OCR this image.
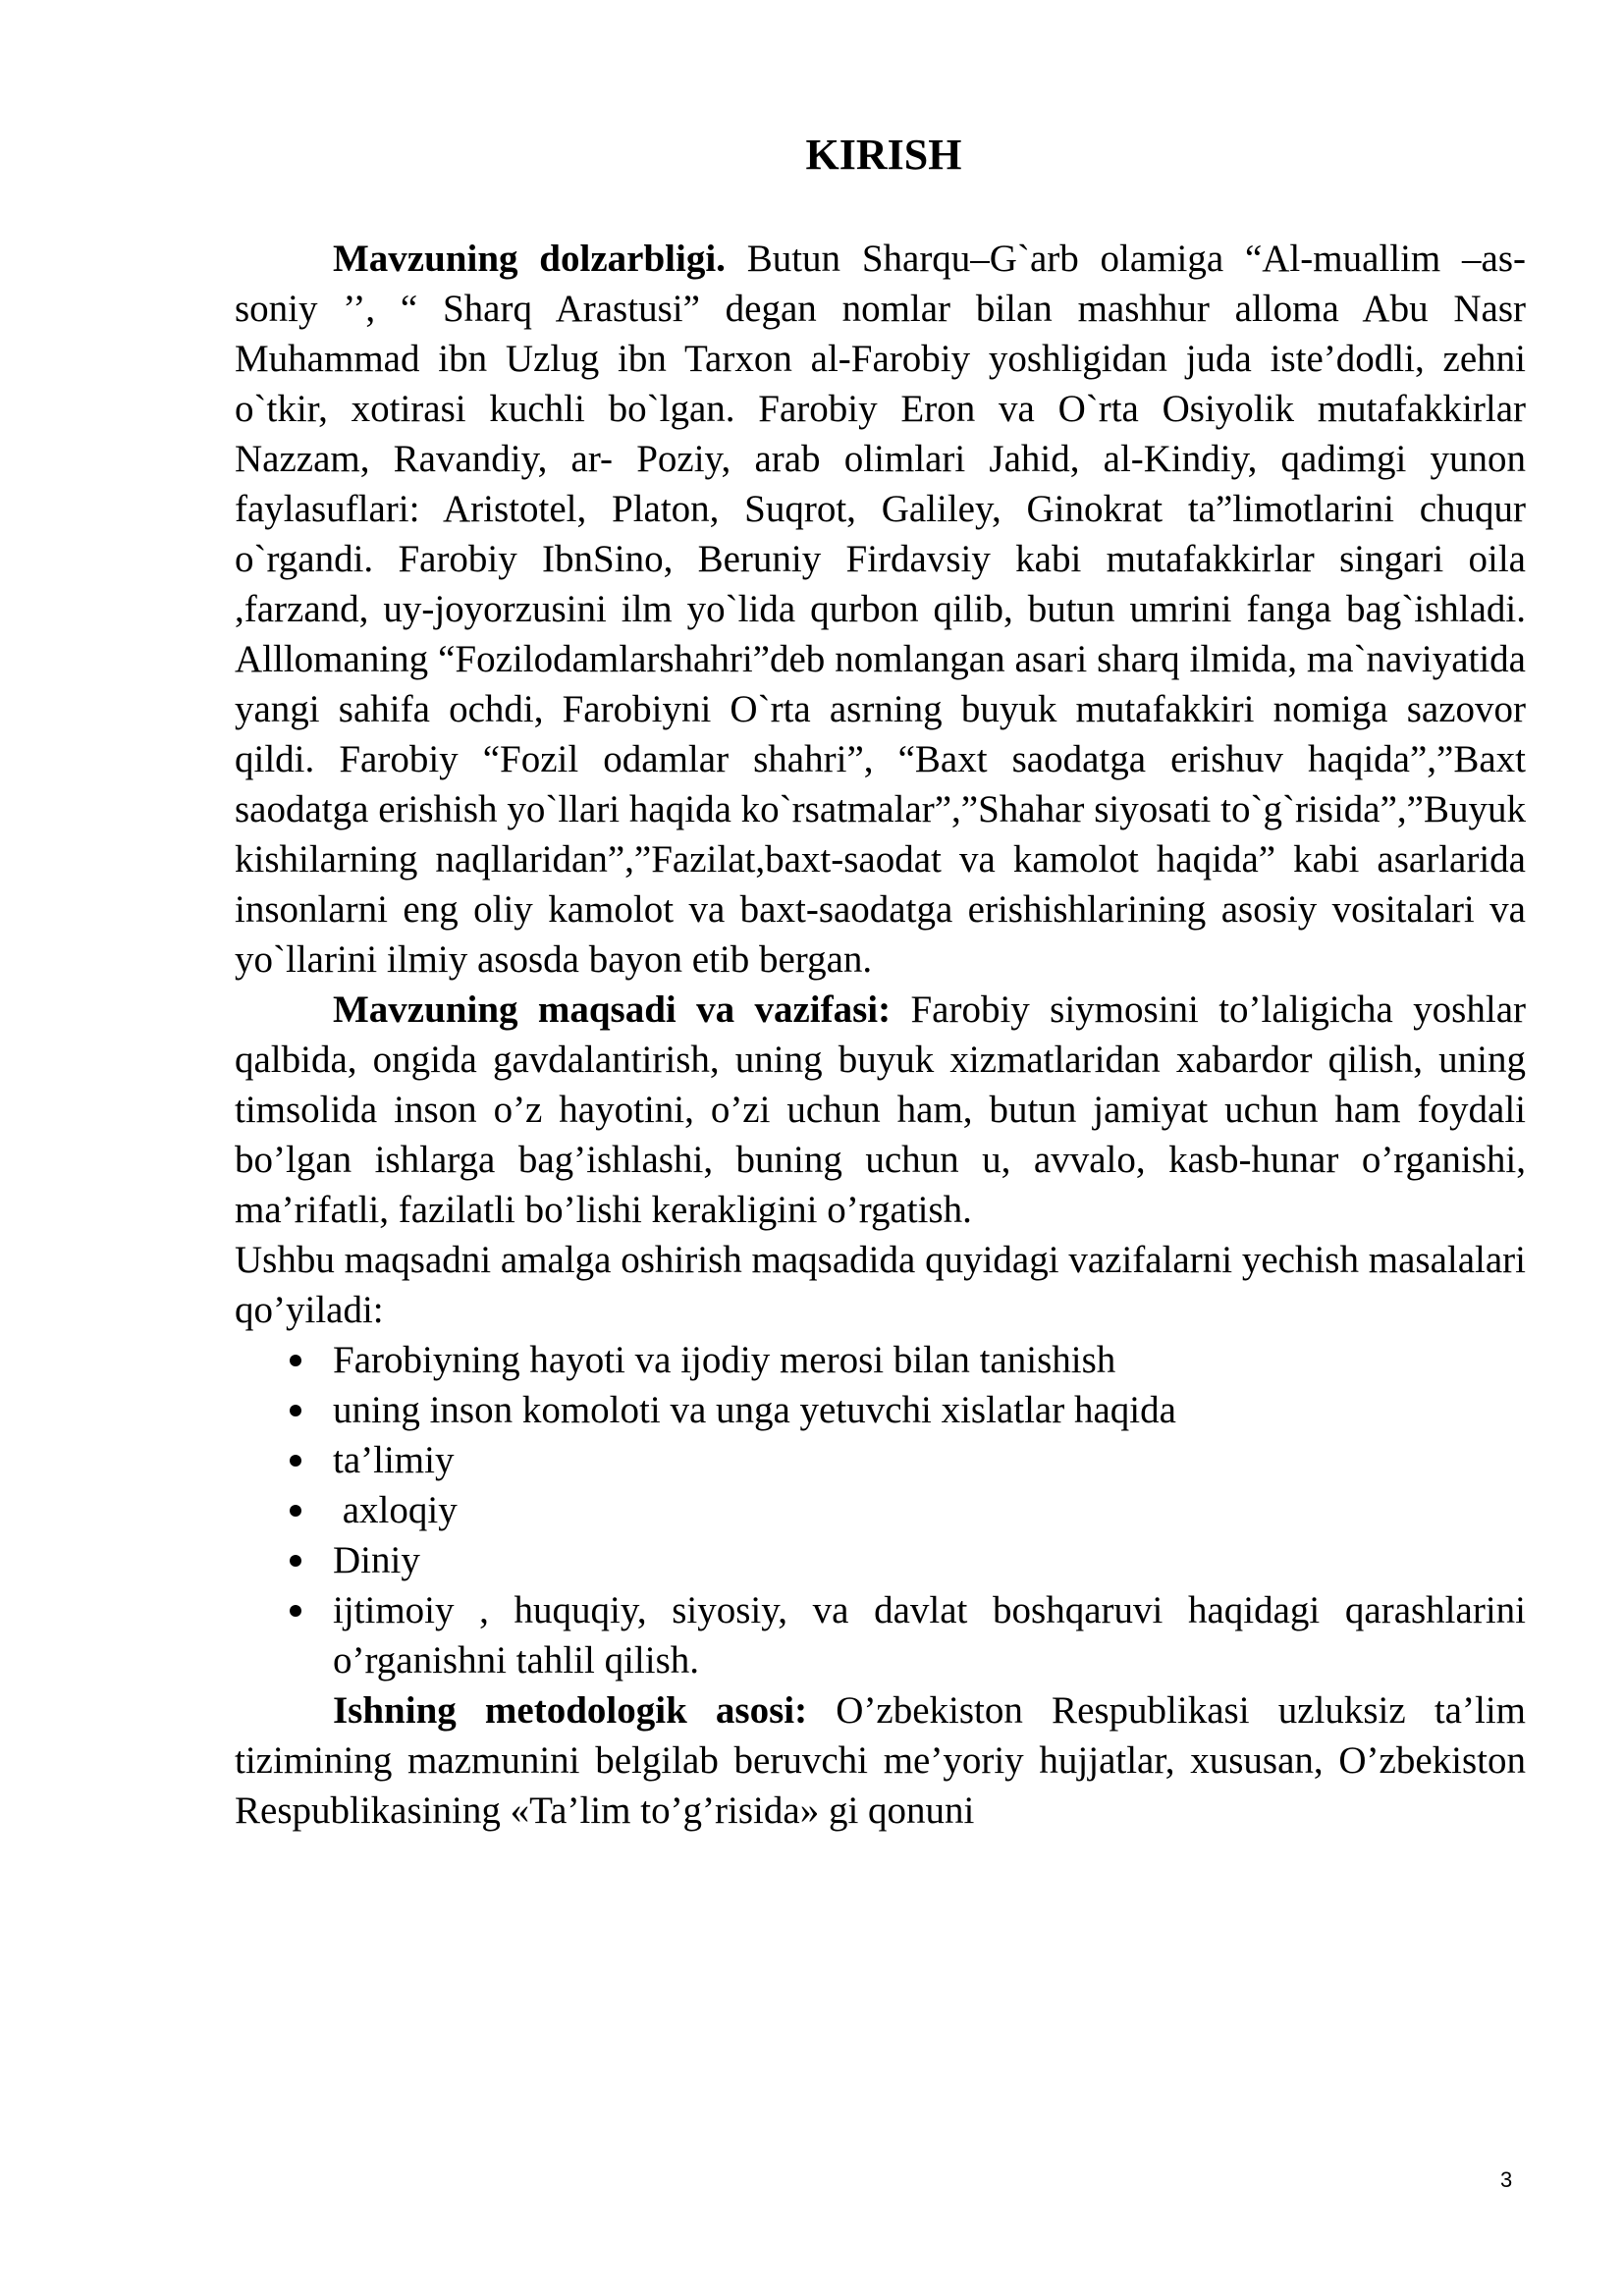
KIRISH

Mavzuning dolzarbligi. Butun Sharqu–G`arb olamiga “Al-muallim –as-soniy ’’, “ Sharq Arastusi” degan nomlar bilan mashhur alloma Abu Nasr Muhammad ibn Uzlug ibn Tarxon al-Farobiy yoshligidan juda iste’dodli, zehni o`tkir, xotirasi kuchli bo`lgan. Farobiy Eron va O`rta Osiyolik mutafakkirlar Nazzam, Ravandiy, ar- Poziy, arab olimlari Jahid, al-Kindiy, qadimgi yunon faylasuflari: Aristotel, Platon, Suqrot, Galiley, Ginokrat ta”limotlarini chuqur o`rgandi. Farobiy IbnSino, Beruniy Firdavsiy kabi mutafakkirlar singari oila ,farzand, uy-joyorzusini ilm yo`lida qurbon qilib, butun umrini fanga bag`ishladi. Alllomaning “Fozilodamlarshahri”deb nomlangan asari sharq ilmida, ma`naviyatida yangi sahifa ochdi, Farobiyni O`rta asrning buyuk mutafakkiri nomiga sazovor qildi. Farobiy “Fozil odamlar shahri”, “Baxt saodatga erishuv haqida”,”Baxt saodatga erishish yo`llari haqida ko`rsatmalar”,”Shahar siyosati to`g`risida”,”Buyuk kishilarning naqllaridan”,”Fazilat,baxt-saodat va kamolot haqida” kabi asarlarida insonlarni eng oliy kamolot va baxt-saodatga erishishlarining asosiy vositalari va yo`llarini ilmiy asosda bayon etib bergan.

Mavzuning maqsadi va vazifasi: Farobiy siymosini to’laligicha yoshlar qalbida, ongida gavdalantirish, uning buyuk xizmatlaridan xabardor qilish, uning timsolida inson o’z hayotini, o’zi uchun ham, butun jamiyat uchun ham foydali bo’lgan ishlarga bag’ishlashi, buning uchun u, avvalo, kasb-hunar o’rganishi, ma’rifatli, fazilatli bo’lishi kerakligini o’rgatish.

Ushbu maqsadni amalga oshirish maqsadida quyidagi vazifalarni yechish masalalari qo’yiladi:

Farobiyning hayoti va ijodiy merosi bilan tanishish
uning inson komoloti va unga yetuvchi xislatlar haqida
ta’limiy
axloqiy
Diniy
ijtimoiy , huquqiy, siyosiy, va davlat boshqaruvi haqidagi qarashlarini o’rganishni tahlil qilish.

Ishning metodologik asosi: O’zbekiston Respublikasi uzluksiz ta’lim tizimining mazmunini belgilab beruvchi me’yoriy hujjatlar, xususan, O’zbekiston Respublikasining «Ta’lim to’g’risida» gi qonuni

3
